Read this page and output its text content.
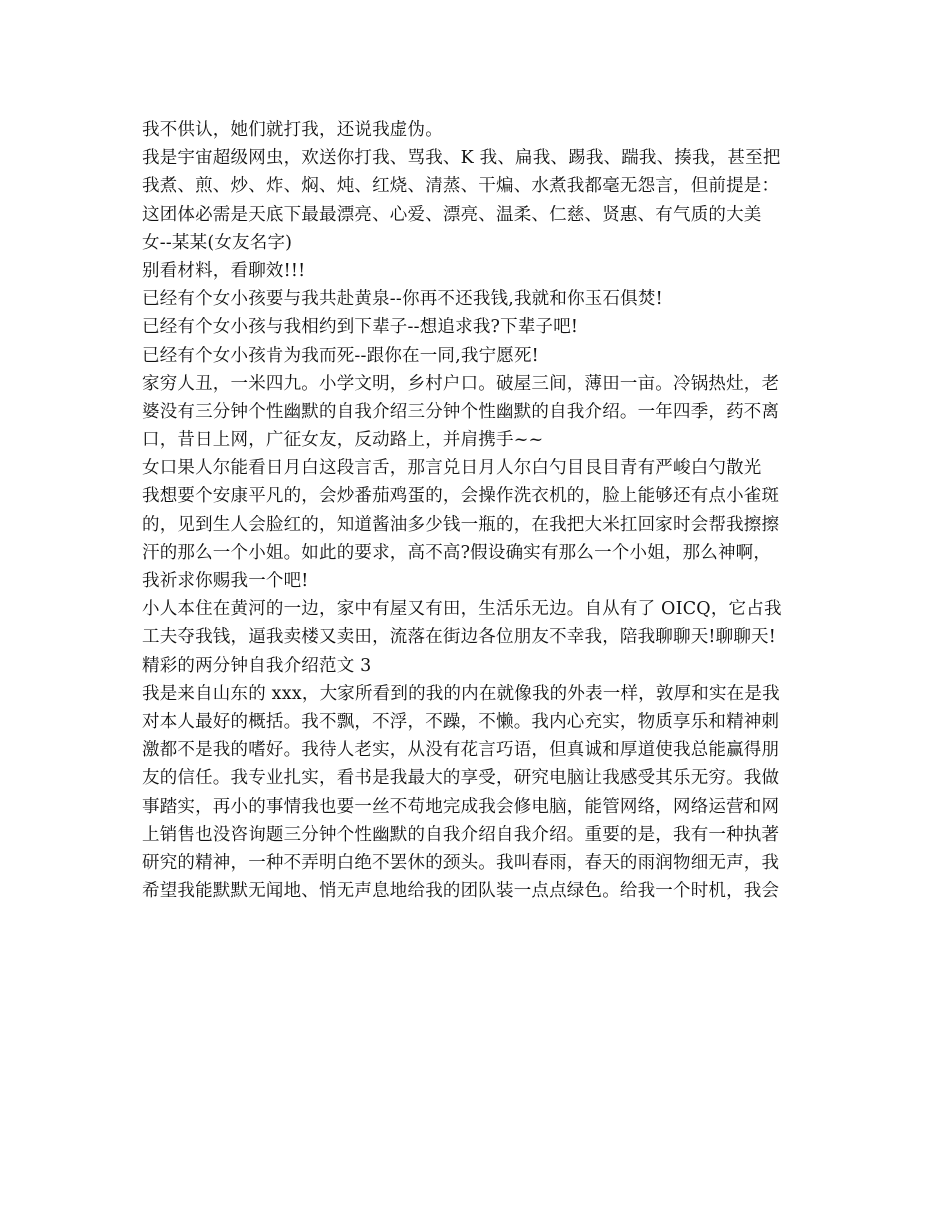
我不供认，她们就打我，还说我虚伪。
我是宇宙超级网虫，欢送你打我、骂我、K 我、扁我、踢我、踹我、揍我，甚至把
我煮、煎、炒、炸、焖、炖、红烧、清蒸、干煸、水煮我都毫无怨言，但前提是：
这团体必需是天底下最最漂亮、心爱、漂亮、温柔、仁慈、贤惠、有气质的大美
女--某某(女友名字)
别看材料，看聊效!!!
已经有个女小孩要与我共赴黄泉--你再不还我钱,我就和你玉石俱焚!
已经有个女小孩与我相约到下辈子--想追求我?下辈子吧!
已经有个女小孩肯为我而死--跟你在一同,我宁愿死!
家穷人丑，一米四九。小学文明，乡村户口。破屋三间，薄田一亩。冷锅热灶，老
婆没有三分钟个性幽默的自我介绍三分钟个性幽默的自我介绍。一年四季，药不离
口，昔日上网，广征女友，反动路上，并肩携手~~
女口果人尔能看日月白这段言舌，那言兑日月人尔白勺目艮目青有严峻白勺散光
我想要个安康平凡的，会炒番茄鸡蛋的，会操作洗衣机的，脸上能够还有点小雀斑
的，见到生人会脸红的，知道酱油多少钱一瓶的，在我把大米扛回家时会帮我擦擦
汗的那么一个小姐。如此的要求，高不高?假设确实有那么一个小姐，那么神啊，
我祈求你赐我一个吧!
小人本住在黄河的一边，家中有屋又有田，生活乐无边。自从有了 OICQ，它占我
工夫夺我钱，逼我卖楼又卖田，流落在街边各位朋友不幸我，陪我聊聊天!聊聊天!
精彩的两分钟自我介绍范文 3
我是来自山东的 xxx，大家所看到的我的内在就像我的外表一样，敦厚和实在是我
对本人最好的概括。我不飘，不浮，不躁，不懒。我内心充实，物质享乐和精神刺
激都不是我的嗜好。我待人老实，从没有花言巧语，但真诚和厚道使我总能赢得朋
友的信任。我专业扎实，看书是我最大的享受，研究电脑让我感受其乐无穷。我做
事踏实，再小的事情我也要一丝不苟地完成我会修电脑，能管网络，网络运营和网
上销售也没咨询题三分钟个性幽默的自我介绍自我介绍。重要的是，我有一种执著
研究的精神，一种不弄明白绝不罢休的颈头。我叫春雨，春天的雨润物细无声，我
希望我能默默无闻地、悄无声息地给我的团队装一点点绿色。给我一个时机，我会
